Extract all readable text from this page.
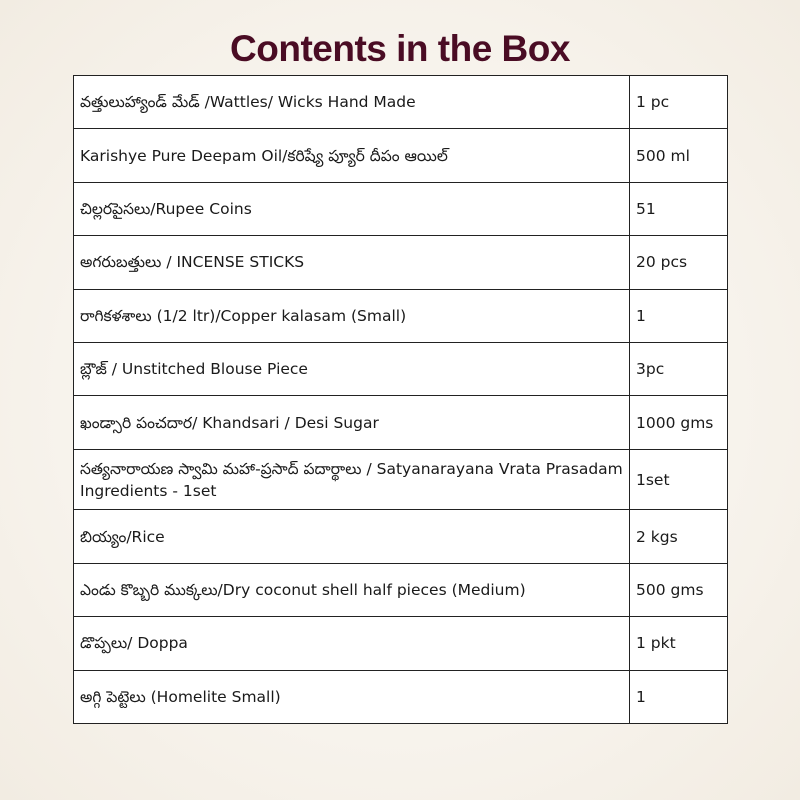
Contents in the Box
వత్తులుహ్యాండ్ మేడ్ /Wattles/ Wicks Hand Made	1 pc
Karishye Pure Deepam Oil/కరిష్యే ప్యూర్ దీపం ఆయిల్	500 ml
చిల్లరపైసలు/Rupee Coins	51
అగరుబత్తులు / INCENSE STICKS	20 pcs
రాగికళశాలు (1/2 ltr)/Copper kalasam (Small)	1
బ్లౌజ్ / Unstitched Blouse Piece	3pc
ఖండ్సారి పంచదార/ Khandsari / Desi Sugar	1000 gms
సత్యనారాయణ స్వామి మహా-ప్రసాద్ పదార్థాలు / Satyanarayana Vrata Prasadam Ingredients - 1set	1set
బియ్యం/Rice	2 kgs
ఎండు కొబ్బరి ముక్కలు/Dry coconut shell half pieces (Medium)	500 gms
డొప్పలు/ Doppa	1 pkt
అగ్గి పెట్టెలు (Homelite Small)	1
